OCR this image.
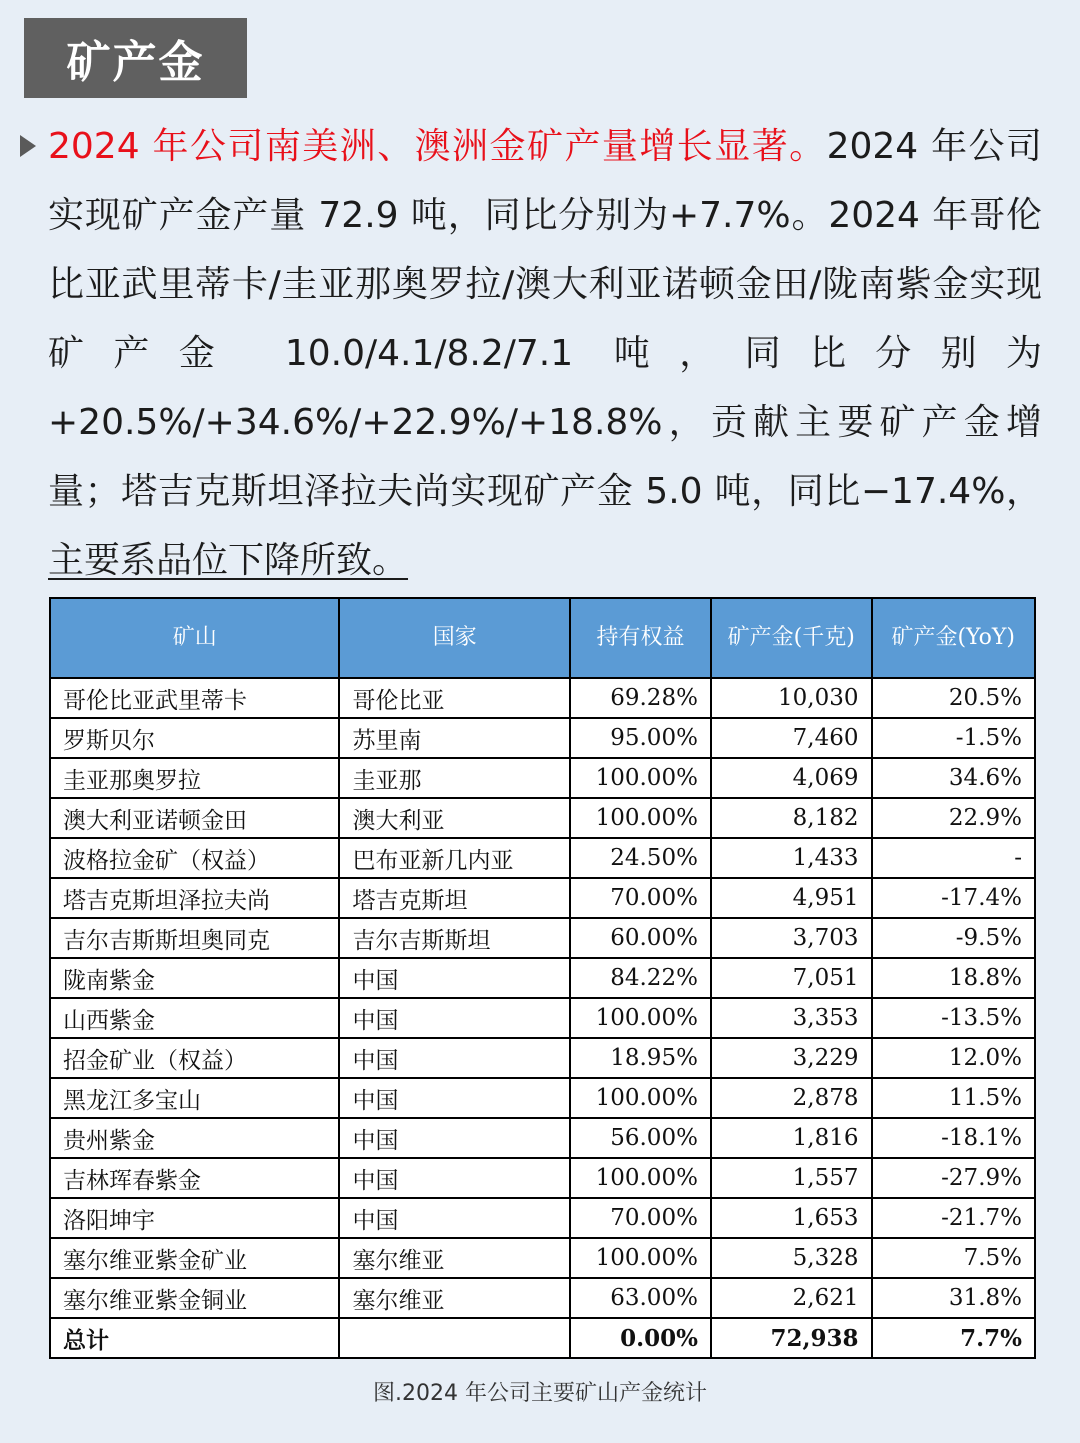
矿产金

2024 年公司南美洲、澳洲金矿产量增长显著。2024 年公司实现矿产金产量 72.9 吨，同比分别为+7.7%。2024 年哥伦比亚武里蒂卡/圭亚那奥罗拉/澳大利亚诺顿金田/陇南紫金实现矿产金 10.0/4.1/8.2/7.1 吨，同比分别为+20.5%/+34.6%/+22.9%/+18.8%，贡献主要矿产金增量；塔吉克斯坦泽拉夫尚实现矿产金 5.0 吨，同比−17.4%，主要系品位下降所致。

矿山	国家	持有权益	矿产金(千克)	矿产金(YoY)
哥伦比亚武里蒂卡	哥伦比亚	69.28%	10,030	20.5%
罗斯贝尔	苏里南	95.00%	7,460	-1.5%
圭亚那奥罗拉	圭亚那	100.00%	4,069	34.6%
澳大利亚诺顿金田	澳大利亚	100.00%	8,182	22.9%
波格拉金矿（权益）	巴布亚新几内亚	24.50%	1,433	-
塔吉克斯坦泽拉夫尚	塔吉克斯坦	70.00%	4,951	-17.4%
吉尔吉斯斯坦奥同克	吉尔吉斯斯坦	60.00%	3,703	-9.5%
陇南紫金	中国	84.22%	7,051	18.8%
山西紫金	中国	100.00%	3,353	-13.5%
招金矿业（权益）	中国	18.95%	3,229	12.0%
黑龙江多宝山	中国	100.00%	2,878	11.5%
贵州紫金	中国	56.00%	1,816	-18.1%
吉林珲春紫金	中国	100.00%	1,557	-27.9%
洛阳坤宇	中国	70.00%	1,653	-21.7%
塞尔维亚紫金矿业	塞尔维亚	100.00%	5,328	7.5%
塞尔维亚紫金铜业	塞尔维亚	63.00%	2,621	31.8%
总计		0.00%	72,938	7.7%
图.2024 年公司主要矿山产金统计
